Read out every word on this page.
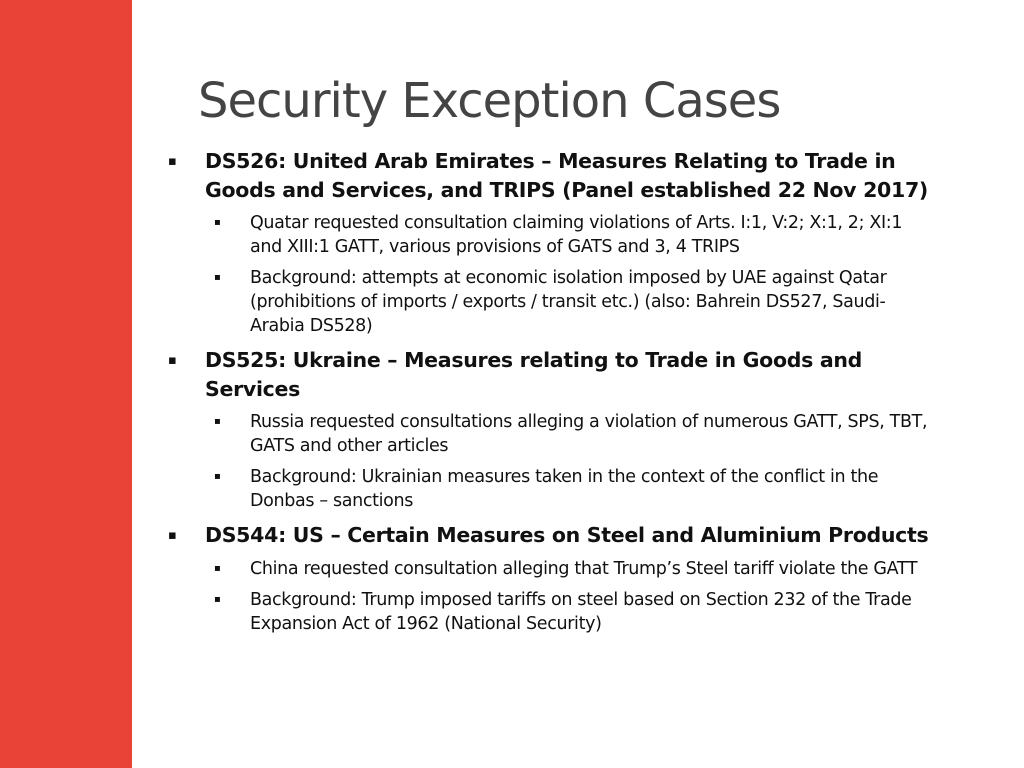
Security Exception Cases
▪	DS526: United Arab Emirates – Measures Relating to Trade in Goods and Services, and TRIPS (Panel established 22 Nov 2017)
▪	Quatar requested consultation claiming violations of Arts. I:1, V:2; X:1, 2; XI:1 and XIII:1 GATT, various provisions of GATS and 3, 4 TRIPS
▪	Background: attempts at economic isolation imposed by UAE against Qatar (prohibitions of imports / exports / transit etc.) (also: Bahrein DS527, Saudi-Arabia DS528)
▪	DS525: Ukraine – Measures relating to Trade in Goods and Services
▪	Russia requested consultations alleging a violation of numerous GATT, SPS, TBT, GATS and other articles
▪	Background: Ukrainian measures taken in the context of the conflict in the Donbas – sanctions
▪	DS544: US – Certain Measures on Steel and Aluminium Products
▪	China requested consultation alleging that Trump’s Steel tariff violate the GATT
▪	Background: Trump imposed tariffs on steel based on Section 232 of the Trade Expansion Act of 1962 (National Security)
